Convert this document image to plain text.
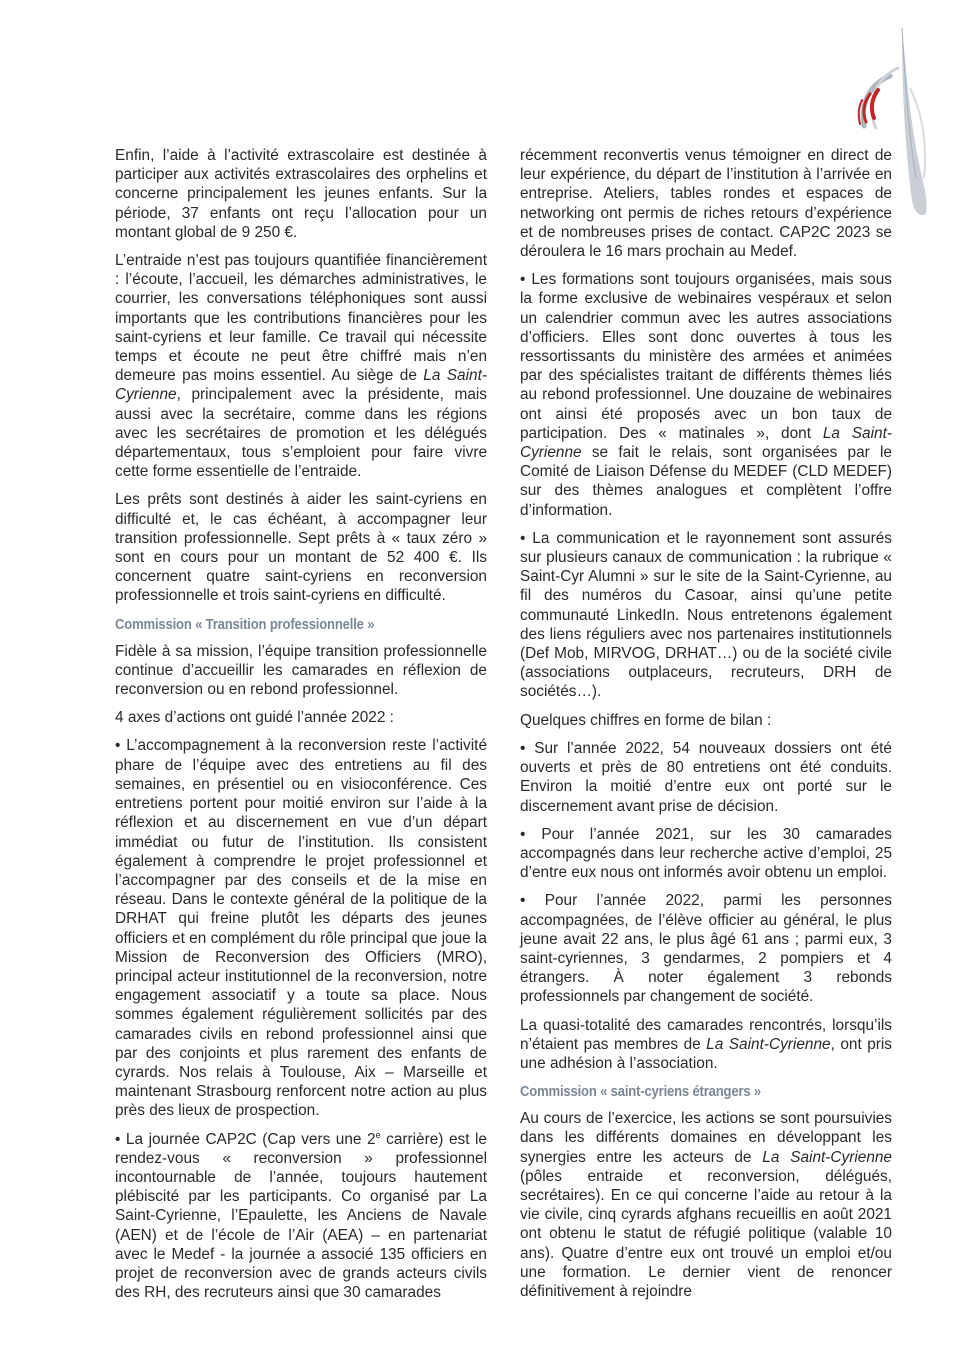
Enfin, l’aide à l’activité extrascolaire est destinée à participer aux activités extrascolaires des orphelins et concerne principalement les jeunes enfants. Sur la période, 37 enfants ont reçu l’allocation pour un montant global de 9 250 €.

L’entraide n’est pas toujours quantifiée financièrement : l’écoute, l’accueil, les démarches administratives, le courrier, les conversations téléphoniques sont aussi importants que les contributions financières pour les saint-cyriens et leur famille. Ce travail qui nécessite temps et écoute ne peut être chiffré mais n’en demeure pas moins essentiel. Au siège de La Saint-Cyrienne, principalement avec la présidente, mais aussi avec la secrétaire, comme dans les régions avec les secrétaires de promotion et les délégués départementaux, tous s’emploient pour faire vivre cette forme essentielle de l’entraide.

Les prêts sont destinés à aider les saint-cyriens en difficulté et, le cas échéant, à accompagner leur transition professionnelle. Sept prêts à « taux zéro » sont en cours pour un montant de 52 400 €. Ils concernent quatre saint-cyriens en reconversion professionnelle et trois saint-cyriens en difficulté.

Commission « Transition professionnelle »

Fidèle à sa mission, l’équipe transition professionnelle continue d’accueillir les camarades en réflexion de reconversion ou en rebond professionnel.

4 axes d’actions ont guidé l’année 2022 :

• L’accompagnement à la reconversion reste l’activité phare de l’équipe avec des entretiens au fil des semaines, en présentiel ou en visioconférence. Ces entretiens portent pour moitié environ sur l’aide à la réflexion et au discernement en vue d’un départ immédiat ou futur de l’institution. Ils consistent également à comprendre le projet professionnel et l’accompagner par des conseils et de la mise en réseau. Dans le contexte général de la politique de la DRHAT qui freine plutôt les départs des jeunes officiers et en complément du rôle principal que joue la Mission de Reconversion des Officiers (MRO), principal acteur institutionnel de la reconversion, notre engagement associatif y a toute sa place. Nous sommes également régulièrement sollicités par des camarades civils en rebond professionnel ainsi que par des conjoints et plus rarement des enfants de cyrards. Nos relais à Toulouse, Aix – Marseille et maintenant Strasbourg renforcent notre action au plus près des lieux de prospection.

• La journée CAP2C (Cap vers une 2e carrière) est le rendez-vous « reconversion » professionnel incontournable de l’année, toujours hautement plébiscité par les participants. Co organisé par La Saint-Cyrienne, l’Epaulette, les Anciens de Navale (AEN) et de l’école de l’Air (AEA) – en partenariat avec le Medef - la journée a associé 135 officiers en projet de reconversion avec de grands acteurs civils des RH, des recruteurs ainsi que 30 camarades

récemment reconvertis venus témoigner en direct de leur expérience, du départ de l’institution à l’arrivée en entreprise. Ateliers, tables rondes et espaces de networking ont permis de riches retours d’expérience et de nombreuses prises de contact. CAP2C 2023 se déroulera le 16 mars prochain au Medef.

• Les formations sont toujours organisées, mais sous la forme exclusive de webinaires vespéraux et selon un calendrier commun avec les autres associations d’officiers. Elles sont donc ouvertes à tous les ressortissants du ministère des armées et animées par des spécialistes traitant de différents thèmes liés au rebond professionnel. Une douzaine de webinaires ont ainsi été proposés avec un bon taux de participation. Des « matinales », dont La Saint-Cyrienne se fait le relais, sont organisées par le Comité de Liaison Défense du MEDEF (CLD MEDEF) sur des thèmes analogues et complètent l’offre d’information.

• La communication et le rayonnement sont assurés sur plusieurs canaux de communication : la rubrique « Saint-Cyr Alumni » sur le site de la Saint-Cyrienne, au fil des numéros du Casoar, ainsi qu’une petite communauté LinkedIn. Nous entretenons également des liens réguliers avec nos partenaires institutionnels (Def Mob, MIRVOG, DRHAT…) ou de la société civile (associations outplaceurs, recruteurs, DRH de sociétés…).

Quelques chiffres en forme de bilan :

• Sur l’année 2022, 54 nouveaux dossiers ont été ouverts et près de 80 entretiens ont été conduits. Environ la moitié d’entre eux ont porté sur le discernement avant prise de décision.

• Pour l’année 2021, sur les 30 camarades accompagnés dans leur recherche active d’emploi, 25 d’entre eux nous ont informés avoir obtenu un emploi.

• Pour l’année 2022, parmi les personnes accompagnées, de l’élève officier au général, le plus jeune avait 22 ans, le plus âgé 61 ans ; parmi eux, 3 saint-cyriennes, 3 gendarmes, 2 pompiers et 4 étrangers. À noter également 3 rebonds professionnels par changement de société.

La quasi-totalité des camarades rencontrés, lorsqu’ils n’étaient pas membres de La Saint-Cyrienne, ont pris une adhésion à l’association.

Commission « saint-cyriens étrangers »

Au cours de l’exercice, les actions se sont poursuivies dans les différents domaines en développant les synergies entre les acteurs de La Saint-Cyrienne (pôles entraide et reconversion, délégués, secrétaires). En ce qui concerne l’aide au retour à la vie civile, cinq cyrards afghans recueillis en août 2021 ont obtenu le statut de réfugié politique (valable 10 ans). Quatre d’entre eux ont trouvé un emploi et/ou une formation. Le dernier vient de renoncer définitivement à rejoindre
